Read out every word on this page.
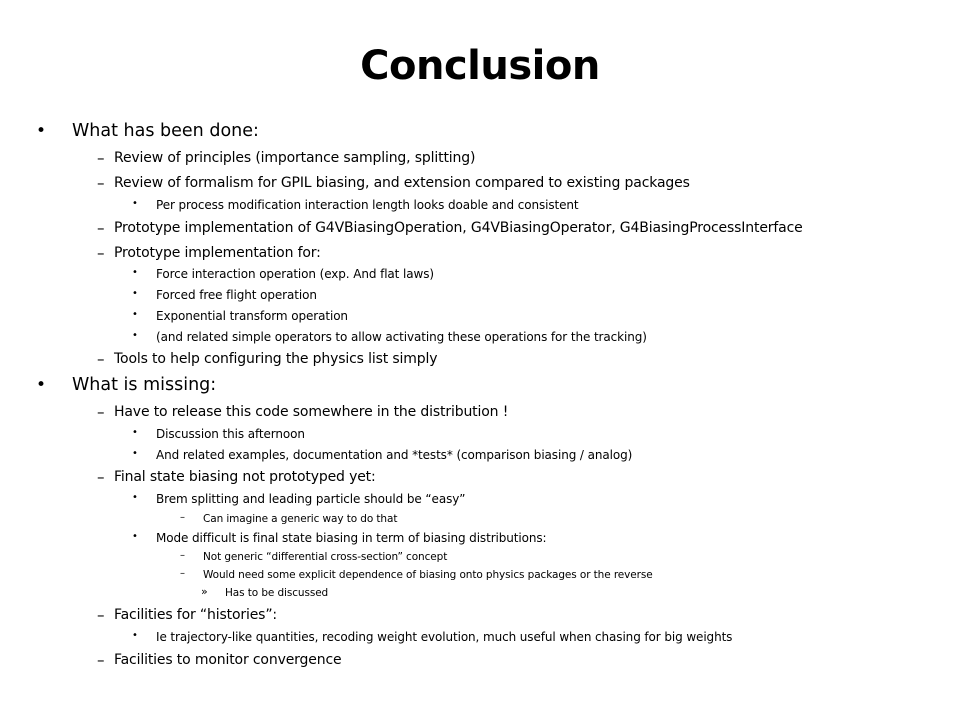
Conclusion
• What has been done:
– Review of principles (importance sampling, splitting)
– Review of formalism for GPIL biasing, and extension compared to existing packages
• Per process modification interaction length looks doable and consistent
– Prototype implementation of G4VBiasingOperation, G4VBiasingOperator, G4BiasingProcessInterface
– Prototype implementation for:
• Force interaction operation (exp. And flat laws)
• Forced free flight operation
• Exponential transform operation
• (and related simple operators to allow activating these operations for the tracking)
– Tools to help configuring the physics list simply
• What is missing:
– Have to release this code somewhere in the distribution !
• Discussion this afternoon
• And related examples, documentation and *tests* (comparison biasing / analog)
– Final state biasing not prototyped yet:
• Brem splitting and leading particle should be “easy”
– Can imagine a generic way to do that
• Mode difficult is final state biasing in term of biasing distributions:
– Not generic “differential cross-section” concept
– Would need some explicit dependence of biasing onto physics packages or the reverse
» Has to be discussed
– Facilities for “histories”:
• Ie trajectory-like quantities, recoding weight evolution, much useful when chasing for big weights
– Facilities to monitor convergence
